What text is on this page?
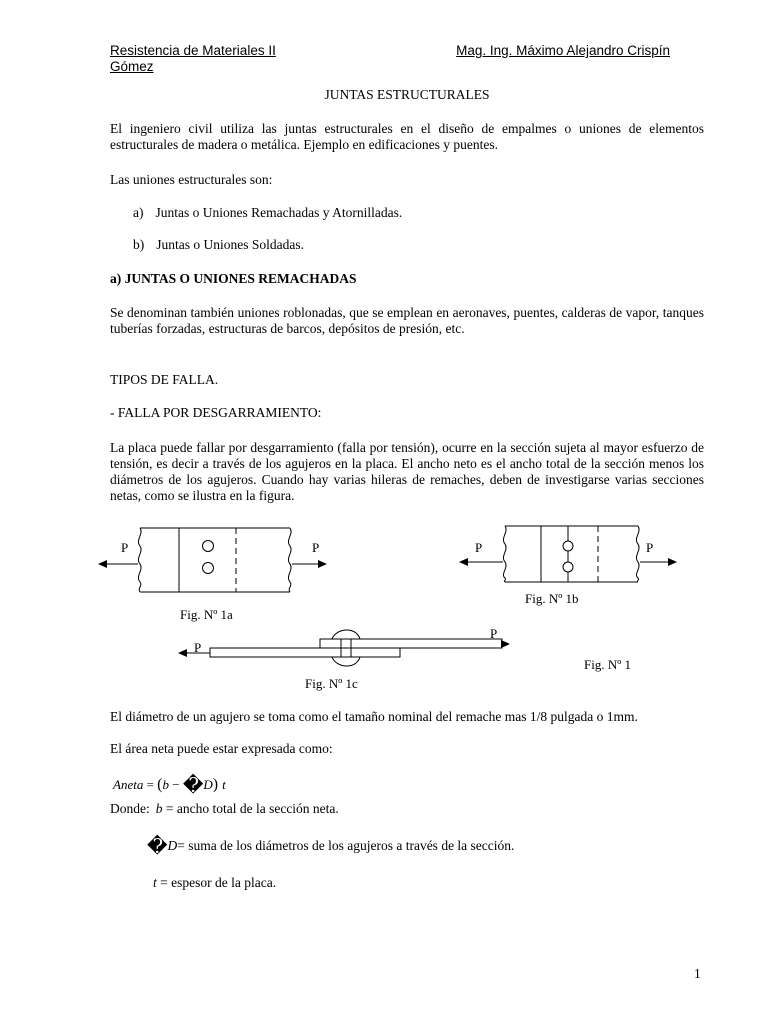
Resistencia de Materiales II	Mag. Ing. Máximo Alejandro Crispín
Gómez
JUNTAS ESTRUCTURALES
El ingeniero civil utiliza las juntas estructurales en el diseño de empalmes o uniones de elementos estructurales de madera o metálica. Ejemplo en edificaciones y puentes.
Las uniones estructurales son:
a) Juntas o Uniones Remachadas y Atornilladas.
b) Juntas o Uniones Soldadas.
a) JUNTAS O UNIONES REMACHADAS
Se denominan también uniones roblonadas, que se emplean en aeronaves, puentes, calderas de vapor, tanques tuberías forzadas, estructuras de barcos, depósitos de presión, etc.
TIPOS DE FALLA.
- FALLA POR DESGARRAMIENTO:
La placa puede fallar por desgarramiento (falla por tensión), ocurre en la sección sujeta al mayor esfuerzo de tensión, es decir a través de los agujeros en la placa. El ancho neto es el ancho total de la sección menos los diámetros de los agujeros. Cuando hay varias hileras de remaches, deben de investigarse varias secciones netas, como se ilustra en la figura.
P	P
Fig. Nº 1a
P	P
Fig. Nº 1b
P
P
Fig. Nº 1c
Fig. Nº 1
El diámetro de un agujero se toma como el tamaño nominal del remache mas 1/8 pulgada o 1mm.
El área neta puede estar expresada como:
Aneta = (b − �D) t
Donde: b = ancho total de la sección neta.
�D= suma de los diámetros de los agujeros a través de la sección.
t = espesor de la placa.
1
